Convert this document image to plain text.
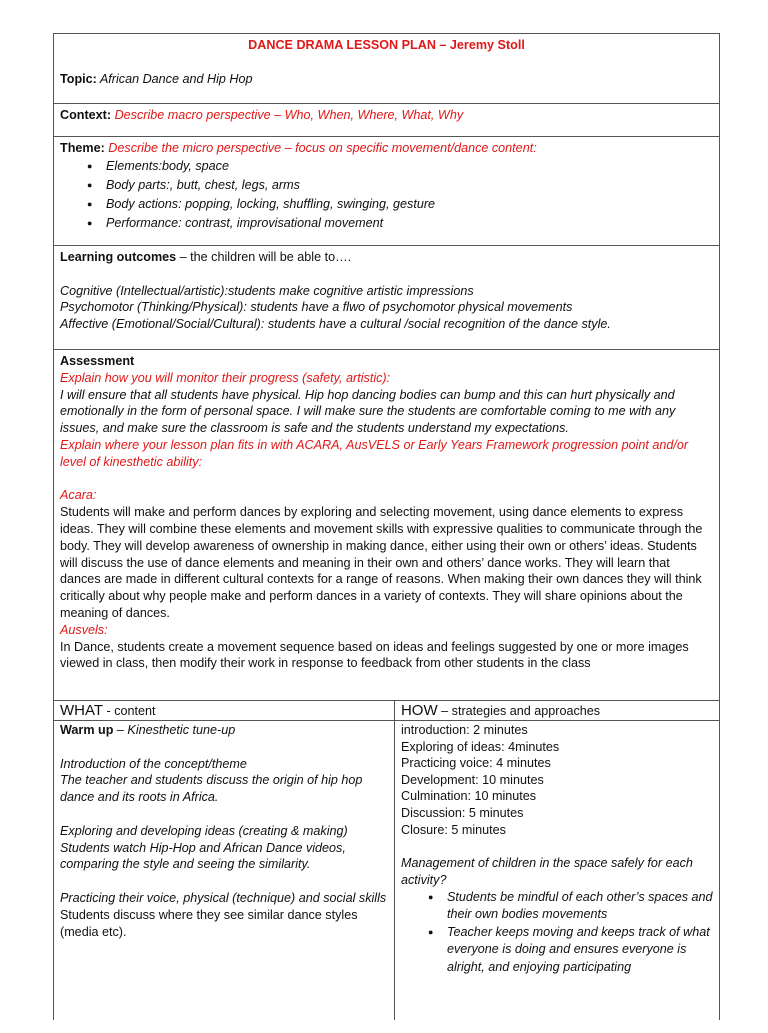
DANCE DRAMA LESSON PLAN – Jeremy Stoll

Topic: African Dance and Hip Hop

Context: Describe macro perspective – Who, When, Where, What, Why

Theme: Describe the micro perspective – focus on specific movement/dance content:

● Elements:body, space
● Body parts:, butt, chest, legs, arms
● Body actions: popping, locking, shuffling, swinging, gesture
● Performance: contrast, improvisational movement

Learning outcomes – the children will be able to….

Cognitive (Intellectual/artistic):students make cognitive artistic impressions

Psychomotor (Thinking/Physical): students have a flwo of psychomotor physical movements

Affective (Emotional/Social/Cultural): students have a cultural /social recognition of the dance style.

Assessment

Explain how you will monitor their progress (safety, artistic):

I will ensure that all students have physical. Hip hop dancing bodies can bump and this can hurt physically and emotionally in the form of personal space. I will make sure the students are comfortable coming to me with any issues, and make sure the classroom is safe and the students understand my expectations.

Explain where your lesson plan fits in with ACARA, AusVELS or Early Years Framework progression point and/or level of kinesthetic ability:

Acara:

Students will make and perform dances by exploring and selecting movement, using dance elements to express ideas. They will combine these elements and movement skills with expressive qualities to communicate through the body. They will develop awareness of ownership in making dance, either using their own or others’ ideas. Students will discuss the use of dance elements and meaning in their own and others’ dance works. They will learn that dances are made in different cultural contexts for a range of reasons. When making their own dances they will think critically about why people make and perform dances in a variety of contexts. They will share opinions about the meaning of dances.

Ausvels:

In Dance, students create a movement sequence based on ideas and feelings suggested by one or more images viewed in class, then modify their work in response to feedback from other students in the class

WHAT - content

Warm up – Kinesthetic tune-up

Introduction of the concept/theme

The teacher and students discuss the origin of hip hop dance and its roots in Africa.

Exploring and developing ideas (creating & making)

Students watch Hip-Hop and African Dance videos, comparing the style and seeing the similarity.

Practicing their voice, physical (technique) and social skills

Students discuss where they see similar dance styles (media etc).

HOW – strategies and approaches

introduction: 2 minutes

Exploring of ideas: 4minutes

Practicing voice: 4 minutes

Development: 10 minutes

Culmination: 10 minutes

Discussion: 5 minutes

Closure: 5 minutes

Management of children in the space safely for each activity?

● Students be mindful of each other’s spaces and their own bodies movements
● Teacher keeps moving and keeps track of what everyone is doing and ensures everyone is alright, and enjoying participating
